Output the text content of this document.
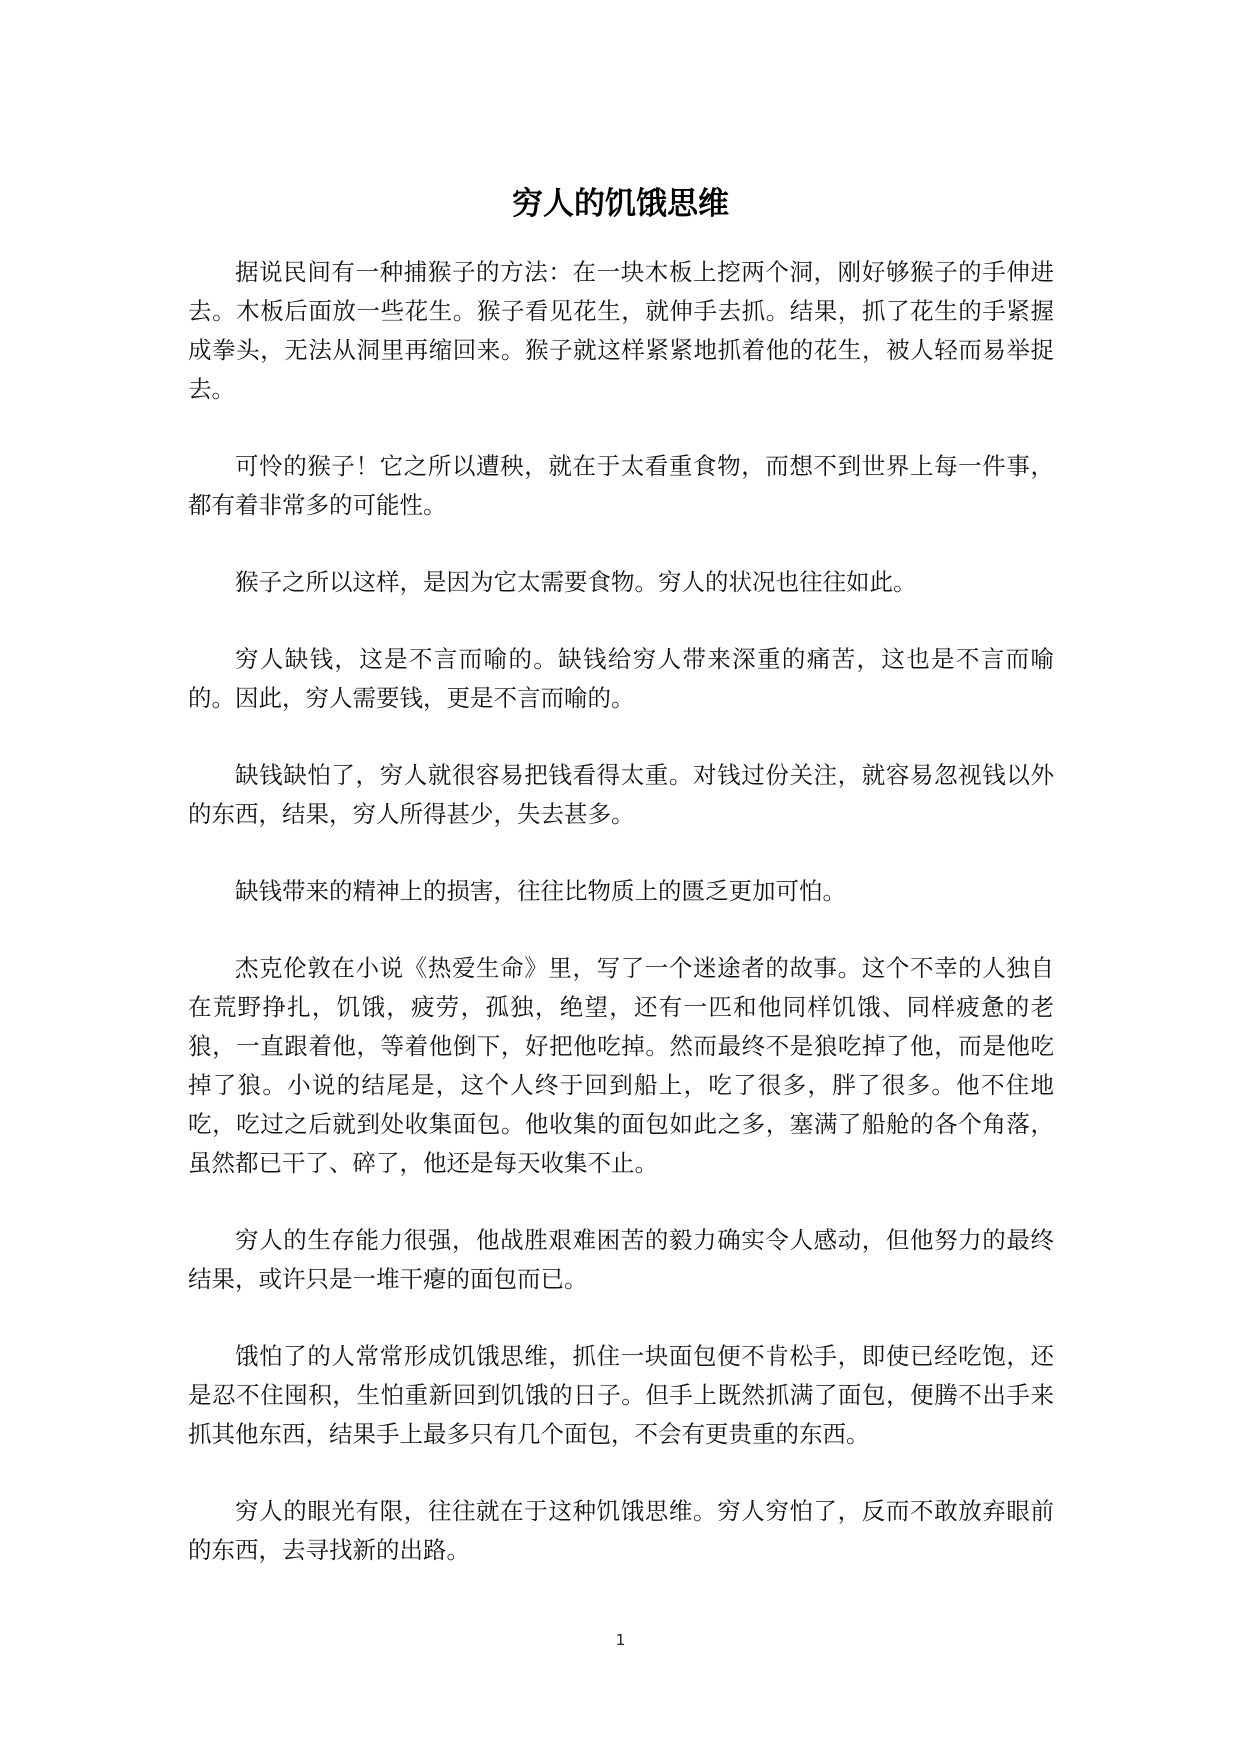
穷人的饥饿思维

据说民间有一种捕猴子的方法：在一块木板上挖两个洞，刚好够猴子的手伸进去。木板后面放一些花生。猴子看见花生，就伸手去抓。结果，抓了花生的手紧握成拳头，无法从洞里再缩回来。猴子就这样紧紧地抓着他的花生，被人轻而易举捉去。

可怜的猴子！它之所以遭秧，就在于太看重食物，而想不到世界上每一件事，都有着非常多的可能性。

猴子之所以这样，是因为它太需要食物。穷人的状况也往往如此。

穷人缺钱，这是不言而喻的。缺钱给穷人带来深重的痛苦，这也是不言而喻的。因此，穷人需要钱，更是不言而喻的。

缺钱缺怕了，穷人就很容易把钱看得太重。对钱过份关注，就容易忽视钱以外的东西，结果，穷人所得甚少，失去甚多。

缺钱带来的精神上的损害，往往比物质上的匮乏更加可怕。

杰克伦敦在小说《热爱生命》里，写了一个迷途者的故事。这个不幸的人独自在荒野挣扎，饥饿，疲劳，孤独，绝望，还有一匹和他同样饥饿、同样疲惫的老狼，一直跟着他，等着他倒下，好把他吃掉。然而最终不是狼吃掉了他，而是他吃掉了狼。小说的结尾是，这个人终于回到船上，吃了很多，胖了很多。他不住地吃，吃过之后就到处收集面包。他收集的面包如此之多，塞满了船舱的各个角落，虽然都已干了、碎了，他还是每天收集不止。

穷人的生存能力很强，他战胜艰难困苦的毅力确实令人感动，但他努力的最终结果，或许只是一堆干瘪的面包而已。

饿怕了的人常常形成饥饿思维，抓住一块面包便不肯松手，即使已经吃饱，还是忍不住囤积，生怕重新回到饥饿的日子。但手上既然抓满了面包，便腾不出手来抓其他东西，结果手上最多只有几个面包，不会有更贵重的东西。

穷人的眼光有限，往往就在于这种饥饿思维。穷人穷怕了，反而不敢放弃眼前的东西，去寻找新的出路。

1
